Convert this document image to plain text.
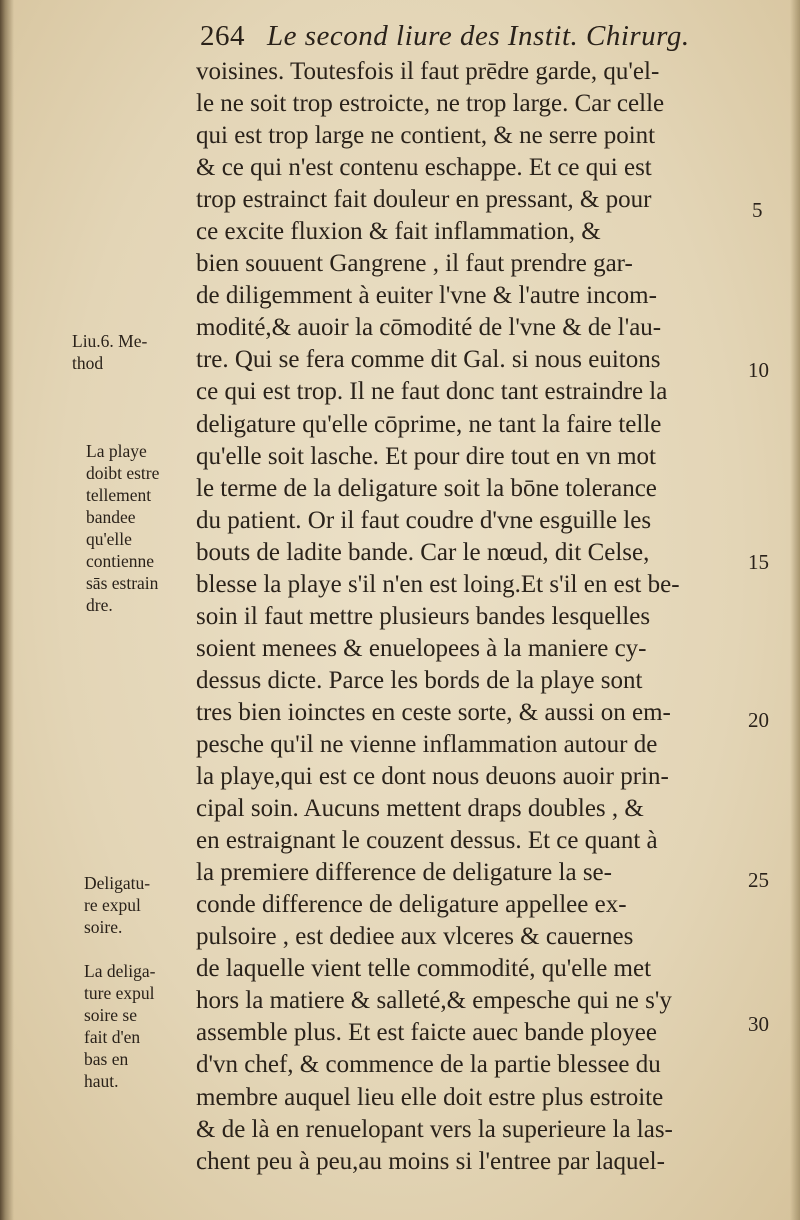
264 Le second liure des Instit. Chirurg.
voisines. Toutesfois il faut prēdre garde, qu'el-
le ne soit trop estroicte, ne trop large. Car celle
qui est trop large ne contient, & ne serre point
& ce qui n'est contenu eschappe. Et ce qui est
trop estrainct fait douleur en pressant, & pour
ce excite fluxion & fait inflammation, &
bien souuent Gangrene , il faut prendre gar-
de diligemment à euiter l'vne & l'autre incom-
modité,& auoir la cōmodité de l'vne & de l'au-
tre. Qui se fera comme dit Gal. si nous euitons
ce qui est trop. Il ne faut donc tant estraindre la
deligature qu'elle cōprime, ne tant la faire telle
qu'elle soit lasche. Et pour dire tout en vn mot
le terme de la deligature soit la bōne tolerance
du patient. Or il faut coudre d'vne esguille les
bouts de ladite bande. Car le nœud, dit Celse,
blesse la playe s'il n'en est loing.Et s'il en est be-
soin il faut mettre plusieurs bandes lesquelles
soient menees & enuelopees à la maniere cy-
dessus dicte. Parce les bords de la playe sont
tres bien ioinctes en ceste sorte, & aussi on em-
pesche qu'il ne vienne inflammation autour de
la playe,qui est ce dont nous deuons auoir prin-
cipal soin. Aucuns mettent draps doubles , &
en estraignant le couzent dessus. Et ce quant à
la premiere difference de deligature la se-
conde difference de deligature appellee ex-
pulsoire , est dediee aux vlceres & cauernes
de laquelle vient telle commodité, qu'elle met
hors la matiere & salleté,& empesche qui ne s'y
assemble plus. Et est faicte auec bande ployee
d'vn chef, & commence de la partie blessee du
membre auquel lieu elle doit estre plus estroite
& de là en renuelopant vers la superieure la las-
chent peu à peu,au moins si l'entree par laquel-
5
10
15
20
25
30
Liu.6. Me-
thod
La playe
doibt estre
tellement
bandee
qu'elle
contienne
sās estrain
dre.
Deligatu-
re expul
soire.
La deliga-
ture expul
soire se
fait d'en
bas en
haut.
